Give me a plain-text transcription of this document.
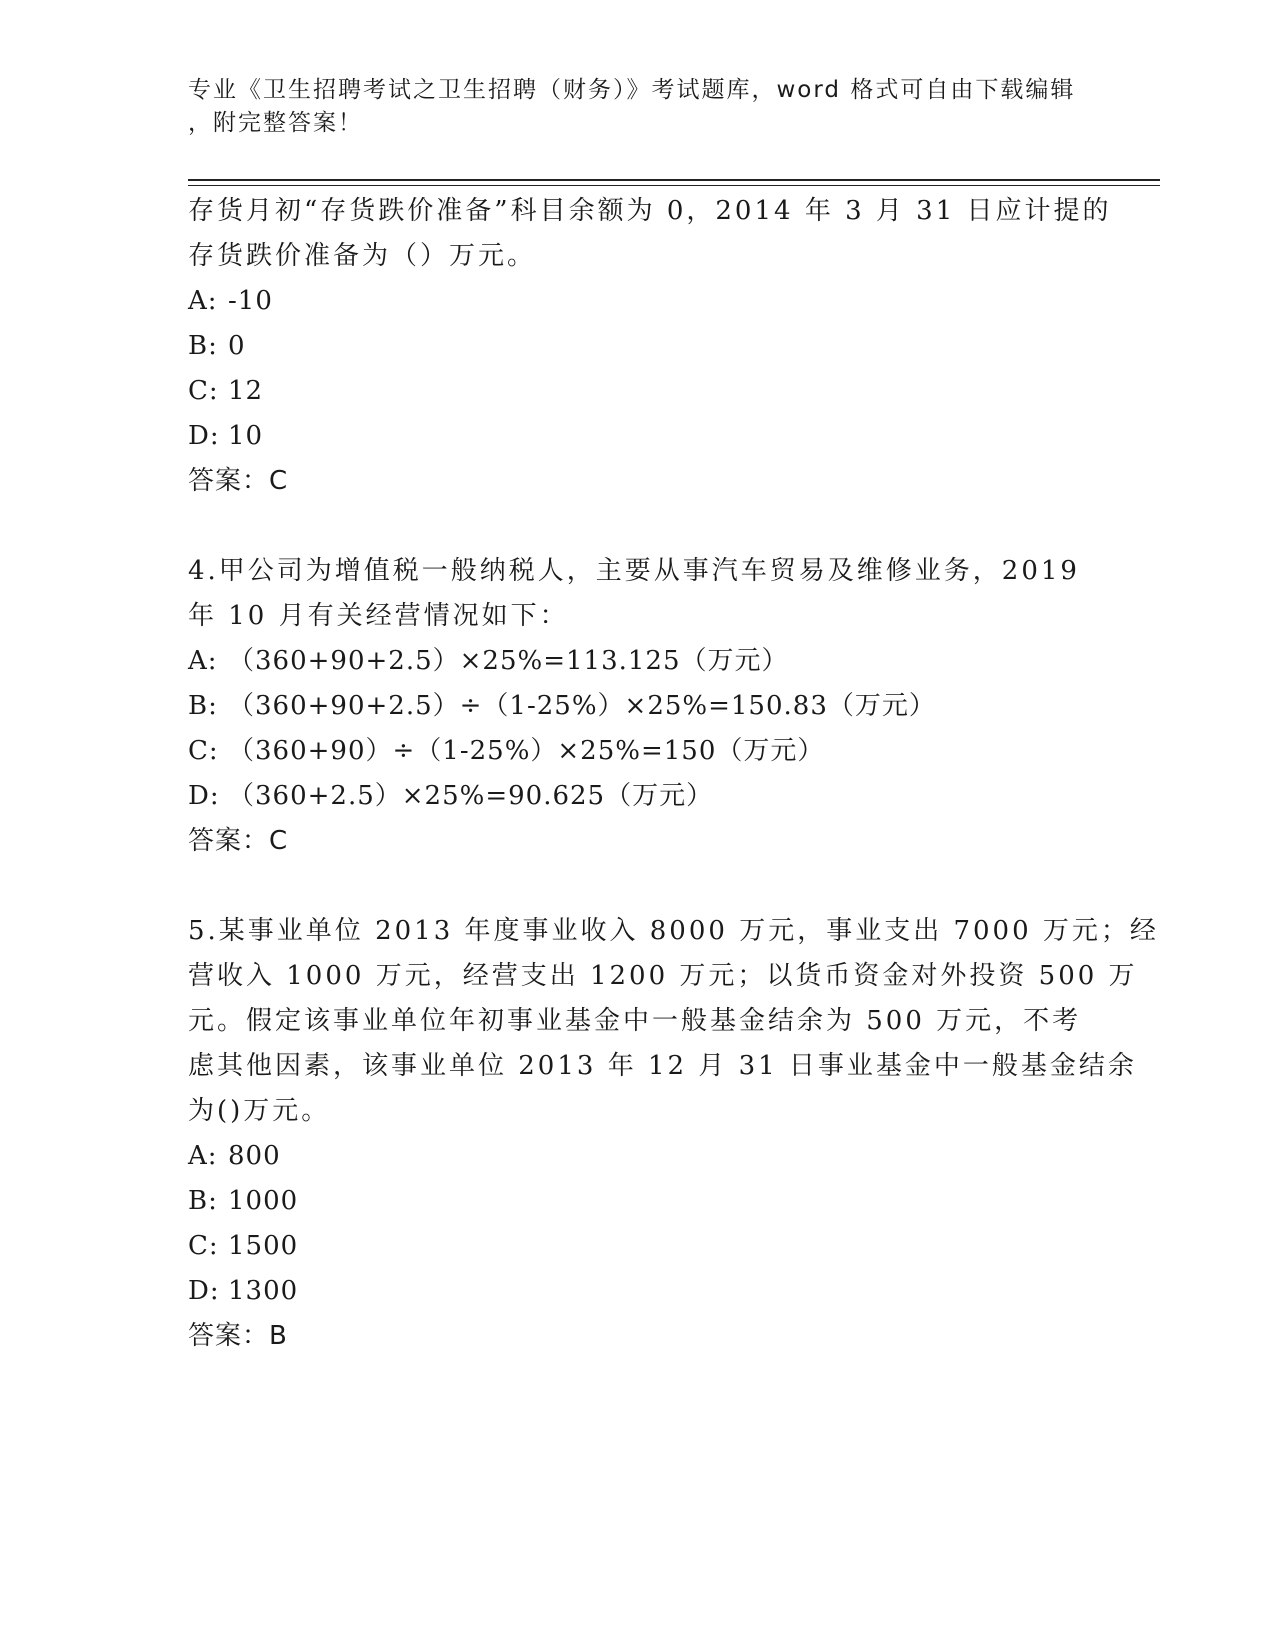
专业《卫生招聘考试之卫生招聘（财务）》考试题库，word 格式可自由下载编辑
，附完整答案！
存货月初“存货跌价准备”科目余额为 0，2014 年 3 月 31 日应计提的
存货跌价准备为（）万元。
A: -10
B: 0
C: 12
D: 10
答案：C
4.甲公司为增值税一般纳税人，主要从事汽车贸易及维修业务，2019
年 10 月有关经营情况如下：
A: （360+90+2.5）×25%=113.125（万元）
B: （360+90+2.5）÷（1-25%）×25%=150.83（万元）
C: （360+90）÷（1-25%）×25%=150（万元）
D: （360+2.5）×25%=90.625（万元）
答案：C
5.某事业单位 2013 年度事业收入 8000 万元，事业支出 7000 万元；经
营收入 1000 万元，经营支出 1200 万元；以货币资金对外投资 500 万
元。假定该事业单位年初事业基金中一般基金结余为 500 万元，不考
虑其他因素，该事业单位 2013 年 12 月 31 日事业基金中一般基金结余
为()万元。
A: 800
B: 1000
C: 1500
D: 1300
答案：B
